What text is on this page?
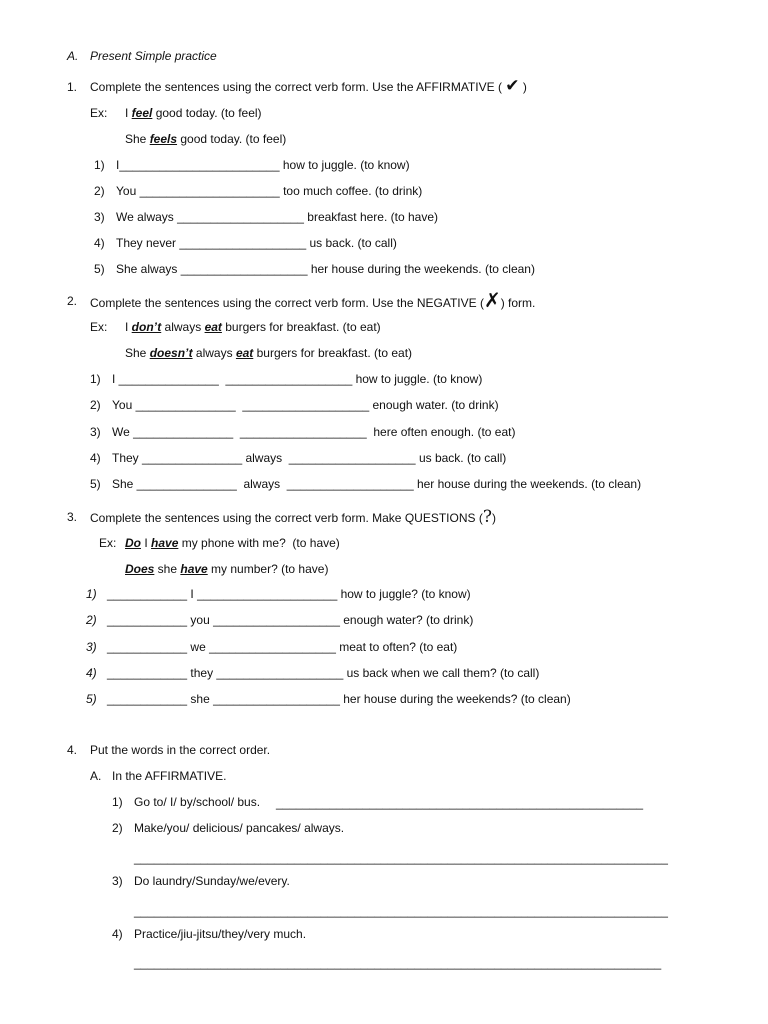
A. Present Simple practice
1. Complete the sentences using the correct verb form. Use the AFFIRMATIVE ( ✔ )
Ex: I feel good today. (to feel)
She feels good today. (to feel)
1) I________________________ how to juggle. (to know)
2) You _____________________ too much coffee. (to drink)
3) We always ___________________ breakfast here. (to have)
4) They never ___________________ us back. (to call)
5) She always ___________________ her house during the weekends. (to clean)
2. Complete the sentences using the correct verb form. Use the NEGATIVE (✗) form.
Ex: I don’t always eat burgers for breakfast. (to eat)
She doesn’t always eat burgers for breakfast. (to eat)
1) I _______________  ___________________ how to juggle. (to know)
2) You _______________  ___________________ enough water. (to drink)
3) We _______________  ___________________  here often enough. (to eat)
4) They _______________ always  ___________________ us back. (to call)
5) She _______________  always  ___________________ her house during the weekends. (to clean)
3. Complete the sentences using the correct verb form. Make QUESTIONS (?)
Ex: Do I have my phone with me?  (to have)
Does she have my number? (to have)
1) ____________ I _____________________ how to juggle? (to know)
2) ____________ you ___________________ enough water? (to drink)
3) ____________ we ___________________ meat to often? (to eat)
4) ____________ they ___________________ us back when we call them? (to call)
5) ____________ she ___________________ her house during the weekends? (to clean)
4. Put the words in the correct order.
A. In the AFFIRMATIVE.
1) Go to/ I/ by/school/ bus. _______________________________________________________
2) Make/you/ delicious/ pancakes/ always.
________________________________________________________________________________
3) Do laundry/Sunday/we/every.
________________________________________________________________________________
4) Practice/jiu-jitsu/they/very much.
_______________________________________________________________________________
